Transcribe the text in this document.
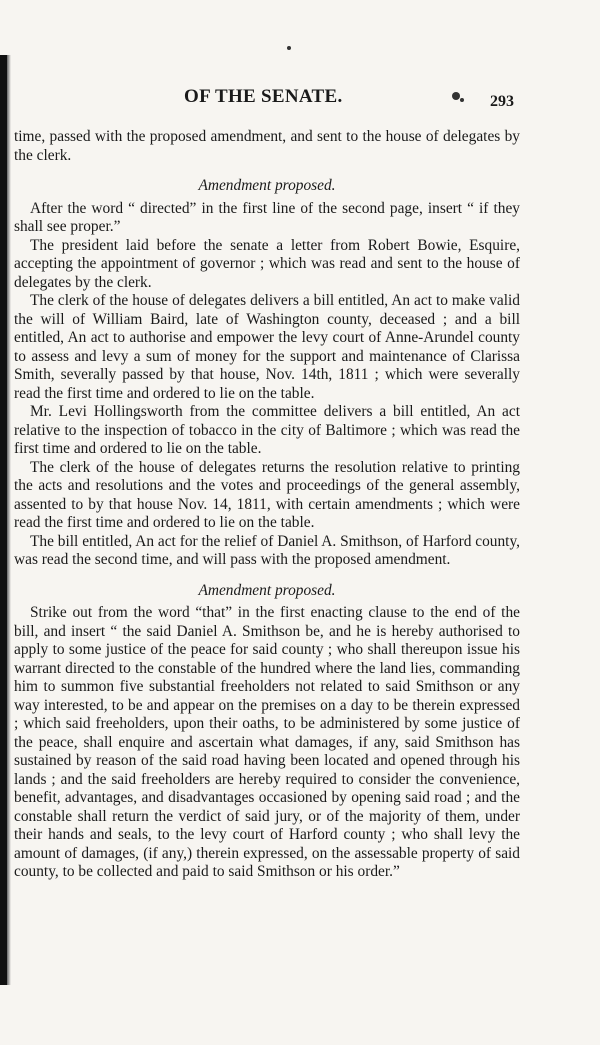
OF THE SENATE.	293

time, passed with the proposed amendment, and sent to the house of delegates by the clerk.

Amendment proposed.

After the word “ directed” in the first line of the second page, insert “ if they shall see proper.”

The president laid before the senate a letter from Robert Bowie, Esquire, accepting the appointment of governor ; which was read and sent to the house of delegates by the clerk.

The clerk of the house of delegates delivers a bill entitled, An act to make valid the will of William Baird, late of Washington county, deceased ; and a bill entitled, An act to authorise and empower the levy court of Anne-Arundel county to assess and levy a sum of money for the support and maintenance of Clarissa Smith, severally passed by that house, Nov. 14th, 1811 ; which were severally read the first time and ordered to lie on the table.

Mr. Levi Hollingsworth from the committee delivers a bill entitled, An act relative to the inspection of tobacco in the city of Baltimore ; which was read the first time and ordered to lie on the table.

The clerk of the house of delegates returns the resolution relative to printing the acts and resolutions and the votes and proceedings of the general assembly, assented to by that house Nov. 14, 1811, with certain amendments ; which were read the first time and ordered to lie on the table.

The bill entitled, An act for the relief of Daniel A. Smithson, of Harford county, was read the second time, and will pass with the proposed amendment.

Amendment proposed.

Strike out from the word “that” in the first enacting clause to the end of the bill, and insert “ the said Daniel A. Smithson be, and he is hereby authorised to apply to some justice of the peace for said county ; who shall thereupon issue his warrant directed to the constable of the hundred where the land lies, commanding him to summon five substantial freeholders not related to said Smithson or any way interested, to be and appear on the premises on a day to be therein expressed ; which said freeholders, upon their oaths, to be administered by some justice of the peace, shall enquire and ascertain what damages, if any, said Smithson has sustained by reason of the said road having been located and opened through his lands ; and the said freeholders are hereby required to consider the convenience, benefit, advantages, and disadvantages occasioned by opening said road ; and the constable shall return the verdict of said jury, or of the majority of them, under their hands and seals, to the levy court of Harford county ; who shall levy the amount of damages, (if any,) therein expressed, on the assessable property of said county, to be collected and paid to said Smithson or his order.”
